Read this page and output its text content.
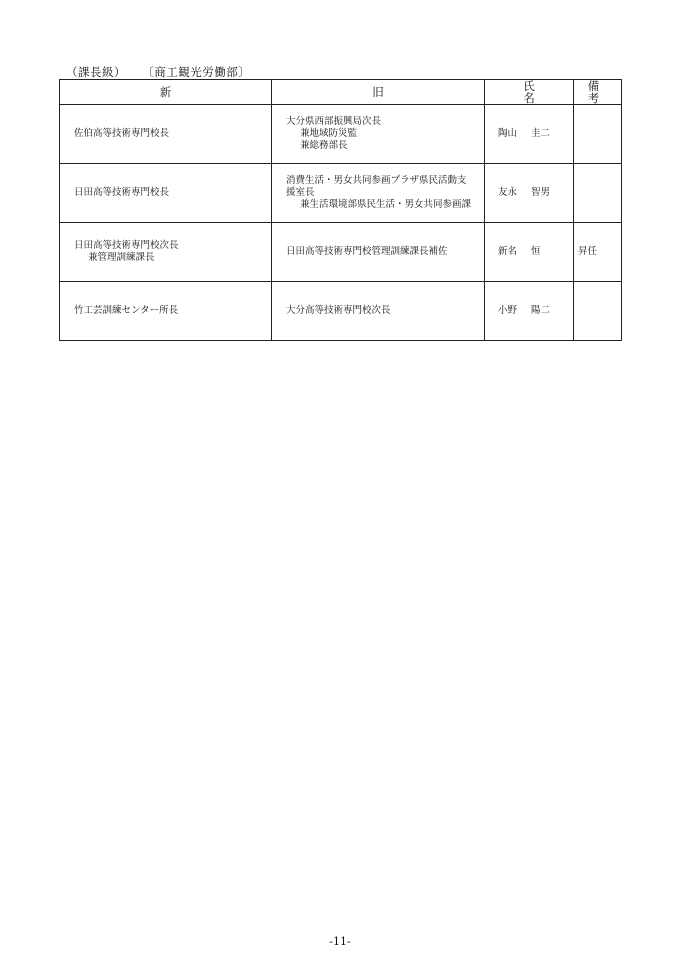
（課長級） 〔商工観光労働部〕
新	旧	氏名	備考

佐伯高等技術専門校長	大分県西部振興局次長
兼地域防災監
兼総務部長	陶山 圭二	

日田高等技術専門校長	消費生活・男女共同参画プラザ県民活動支
援室長
兼生活環境部県民生活・男女共同参画課	友永 智男	

日田高等技術専門校次長
兼管理訓練課長	日田高等技術専門校管理訓練課長補佐	新名 恒	昇任

竹工芸訓練センター所長	大分高等技術専門校次長	小野 陽二	
-11-
